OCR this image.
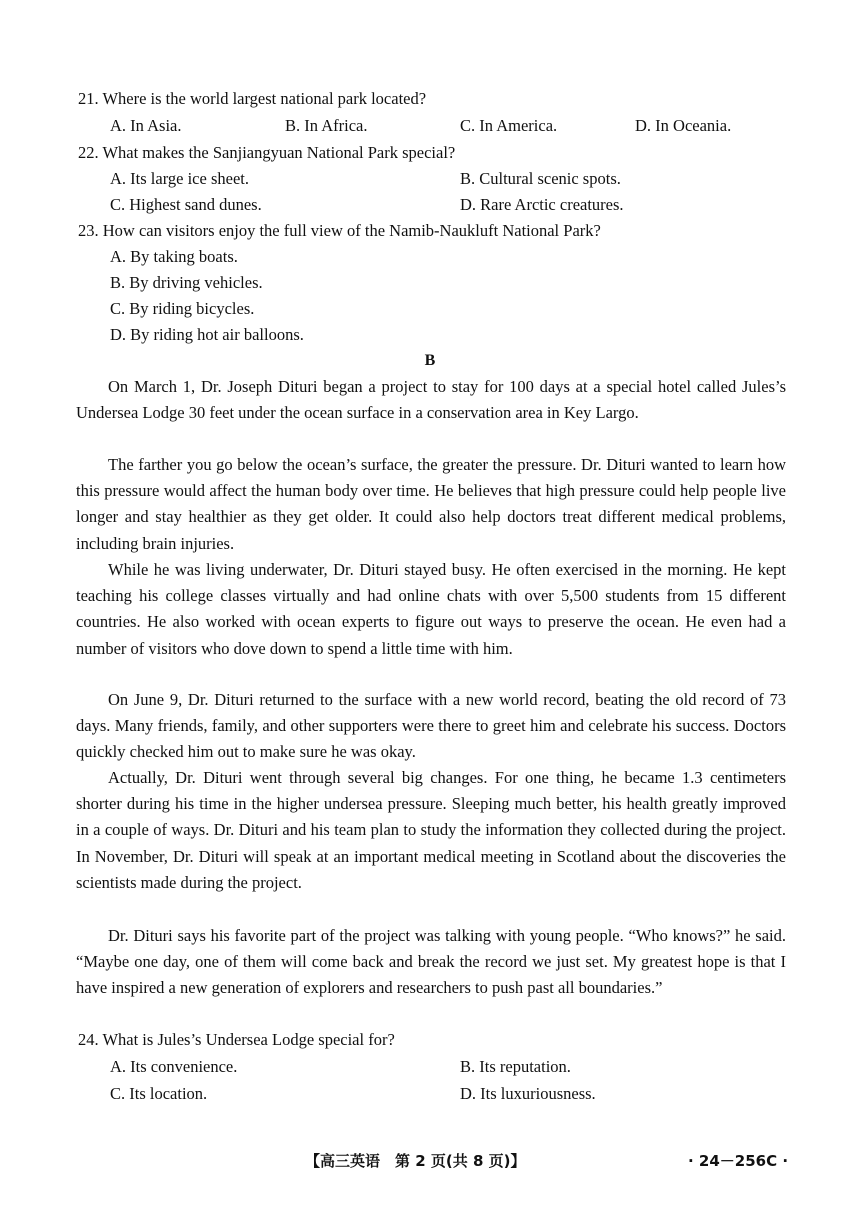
21. Where is the world largest national park located?
A. In Asia.	B. In Africa.	C. In America.	D. In Oceania.
22. What makes the Sanjiangyuan National Park special?
A. Its large ice sheet.	B. Cultural scenic spots.
C. Highest sand dunes.	D. Rare Arctic creatures.
23. How can visitors enjoy the full view of the Namib-Naukluft National Park?
A. By taking boats.
B. By driving vehicles.
C. By riding bicycles.
D. By riding hot air balloons.
B

On March 1, Dr. Joseph Dituri began a project to stay for 100 days at a special hotel called Jules’s Undersea Lodge 30 feet under the ocean surface in a conservation area in Key Largo.

The farther you go below the ocean’s surface, the greater the pressure. Dr. Dituri wanted to learn how this pressure would affect the human body over time. He believes that high pressure could help people live longer and stay healthier as they get older. It could also help doctors treat different medical problems, including brain injuries.

While he was living underwater, Dr. Dituri stayed busy. He often exercised in the morning. He kept teaching his college classes virtually and had online chats with over 5,500 students from 15 different countries. He also worked with ocean experts to figure out ways to preserve the ocean. He even had a number of visitors who dove down to spend a little time with him.

On June 9, Dr. Dituri returned to the surface with a new world record, beating the old record of 73 days. Many friends, family, and other supporters were there to greet him and celebrate his success. Doctors quickly checked him out to make sure he was okay.

Actually, Dr. Dituri went through several big changes. For one thing, he became 1.3 centimeters shorter during his time in the higher undersea pressure. Sleeping much better, his health greatly improved in a couple of ways. Dr. Dituri and his team plan to study the information they collected during the project. In November, Dr. Dituri will speak at an important medical meeting in Scotland about the discoveries the scientists made during the project.

Dr. Dituri says his favorite part of the project was talking with young people. “Who knows?” he said. “Maybe one day, one of them will come back and break the record we just set. My greatest hope is that I have inspired a new generation of explorers and researchers to push past all boundaries.”

24. What is Jules’s Undersea Lodge special for?
A. Its convenience.	B. Its reputation.
C. Its location.	D. Its luxuriousness.
【高三英语　第 2 页(共 8 页)】	· 24－256C ·
